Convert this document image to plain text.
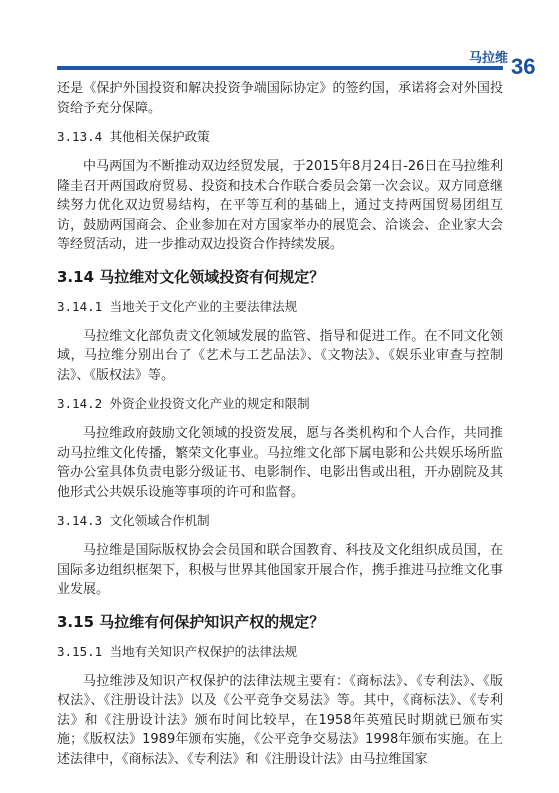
马拉维 36

还是《保护外国投资和解决投资争端国际协定》的签约国，承诺将会对外国投资给予充分保障。

3.13.4 其他相关保护政策

中马两国为不断推动双边经贸发展，于2015年8月24日-26日在马拉维利隆圭召开两国政府贸易、投资和技术合作联合委员会第一次会议。双方同意继续努力优化双边贸易结构，在平等互利的基础上，通过支持两国贸易团组互访，鼓励两国商会、企业参加在对方国家举办的展览会、洽谈会、企业家大会等经贸活动，进一步推动双边投资合作持续发展。

3.14 马拉维对文化领域投资有何规定？

3.14.1 当地关于文化产业的主要法律法规

马拉维文化部负责文化领域发展的监管、指导和促进工作。在不同文化领域，马拉维分别出台了《艺术与工艺品法》、《文物法》、《娱乐业审查与控制法》、《版权法》等。

3.14.2 外资企业投资文化产业的规定和限制

马拉维政府鼓励文化领域的投资发展，愿与各类机构和个人合作，共同推动马拉维文化传播，繁荣文化事业。马拉维文化部下属电影和公共娱乐场所监管办公室具体负责电影分级证书、电影制作、电影出售或出租，开办剧院及其他形式公共娱乐设施等事项的许可和监督。

3.14.3 文化领域合作机制

马拉维是国际版权协会会员国和联合国教育、科技及文化组织成员国，在国际多边组织框架下，积极与世界其他国家开展合作，携手推进马拉维文化事业发展。

3.15 马拉维有何保护知识产权的规定？

3.15.1 当地有关知识产权保护的法律法规

马拉维涉及知识产权保护的法律法规主要有：《商标法》、《专利法》、《版权法》、《注册设计法》以及《公平竞争交易法》等。其中，《商标法》、《专利法》和《注册设计法》颁布时间比较早，在1958年英殖民时期就已颁布实施；《版权法》1989年颁布实施，《公平竞争交易法》1998年颁布实施。在上述法律中，《商标法》、《专利法》和《注册设计法》由马拉维国家
